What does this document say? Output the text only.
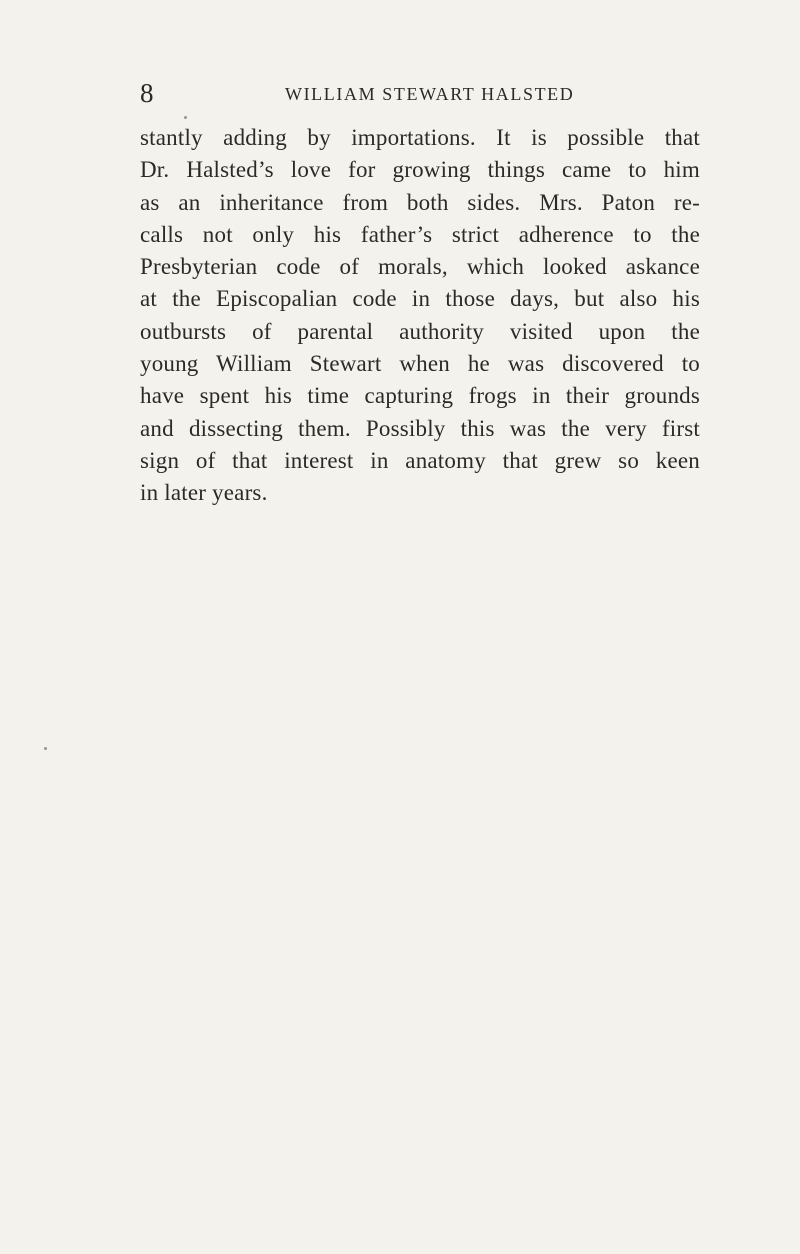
8	WILLIAM STEWART HALSTED
stantly adding by importations. It is possible that
Dr. Halsted’s love for growing things came to him
as an inheritance from both sides. Mrs. Paton re-
calls not only his father’s strict adherence to the
Presbyterian code of morals, which looked askance
at the Episcopalian code in those days, but also his
outbursts of parental authority visited upon the
young William Stewart when he was discovered to
have spent his time capturing frogs in their grounds
and dissecting them. Possibly this was the very first
sign of that interest in anatomy that grew so keen
in later years.
